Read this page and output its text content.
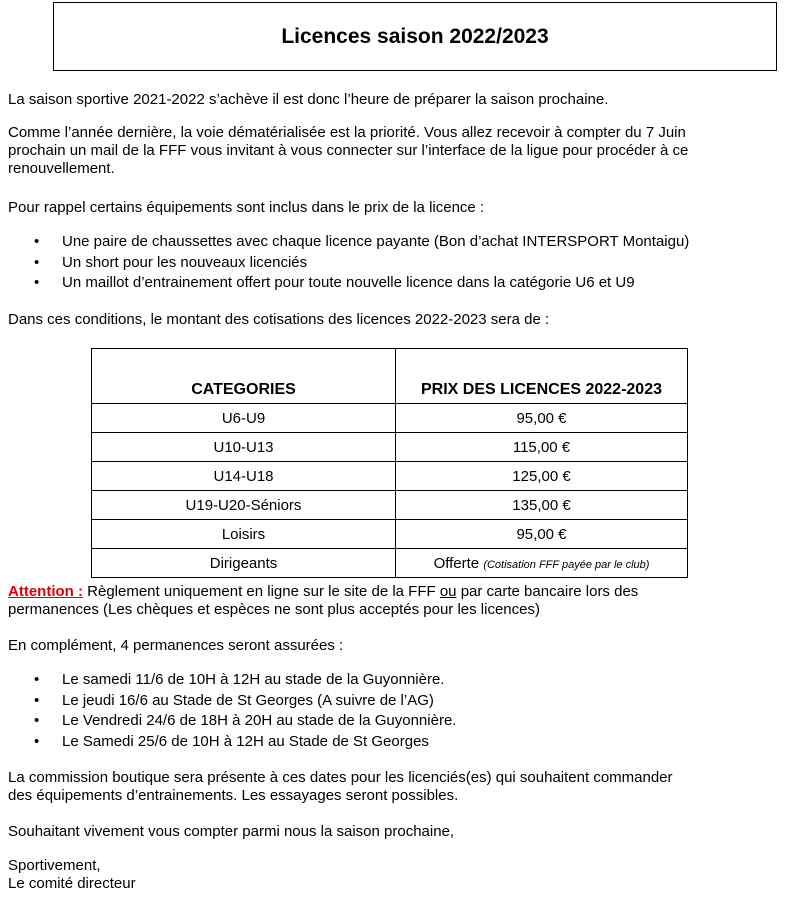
Licences saison 2022/2023

La saison sportive 2021-2022 s’achève il est donc l’heure de préparer la saison prochaine.

Comme l’année dernière, la voie dématérialisée est la priorité. Vous allez recevoir à compter du 7 Juin
prochain un mail de la FFF vous invitant à vous connecter sur l’interface de la ligue pour procéder à ce
renouvellement.

Pour rappel certains équipements sont inclus dans le prix de la licence :

• Une paire de chaussettes avec chaque licence payante (Bon d’achat INTERSPORT Montaigu)
• Un short pour les nouveaux licenciés
• Un maillot d’entrainement offert pour toute nouvelle licence dans la catégorie U6 et U9

Dans ces conditions, le montant des cotisations des licences 2022-2023 sera de :

CATEGORIES	PRIX DES LICENCES 2022-2023
U6-U9	95,00 €
U10-U13	115,00 €
U14-U18	125,00 €
U19-U20-Séniors	135,00 €
Loisirs	95,00 €
Dirigeants	Offerte (Cotisation FFF payée par le club)

Attention : Règlement uniquement en ligne sur le site de la FFF ou par carte bancaire lors des
permanences (Les chèques et espèces ne sont plus acceptés pour les licences)

En complément, 4 permanences seront assurées :

• Le samedi 11/6 de 10H à 12H au stade de la Guyonnière.
• Le jeudi 16/6 au Stade de St Georges (A suivre de l’AG)
• Le Vendredi 24/6 de 18H à 20H au stade de la Guyonnière.
• Le Samedi 25/6 de 10H à 12H au Stade de St Georges

La commission boutique sera présente à ces dates pour les licenciés(es) qui souhaitent commander
des équipements d’entrainements. Les essayages seront possibles.

Souhaitant vivement vous compter parmi nous la saison prochaine,

Sportivement,
Le comité directeur
